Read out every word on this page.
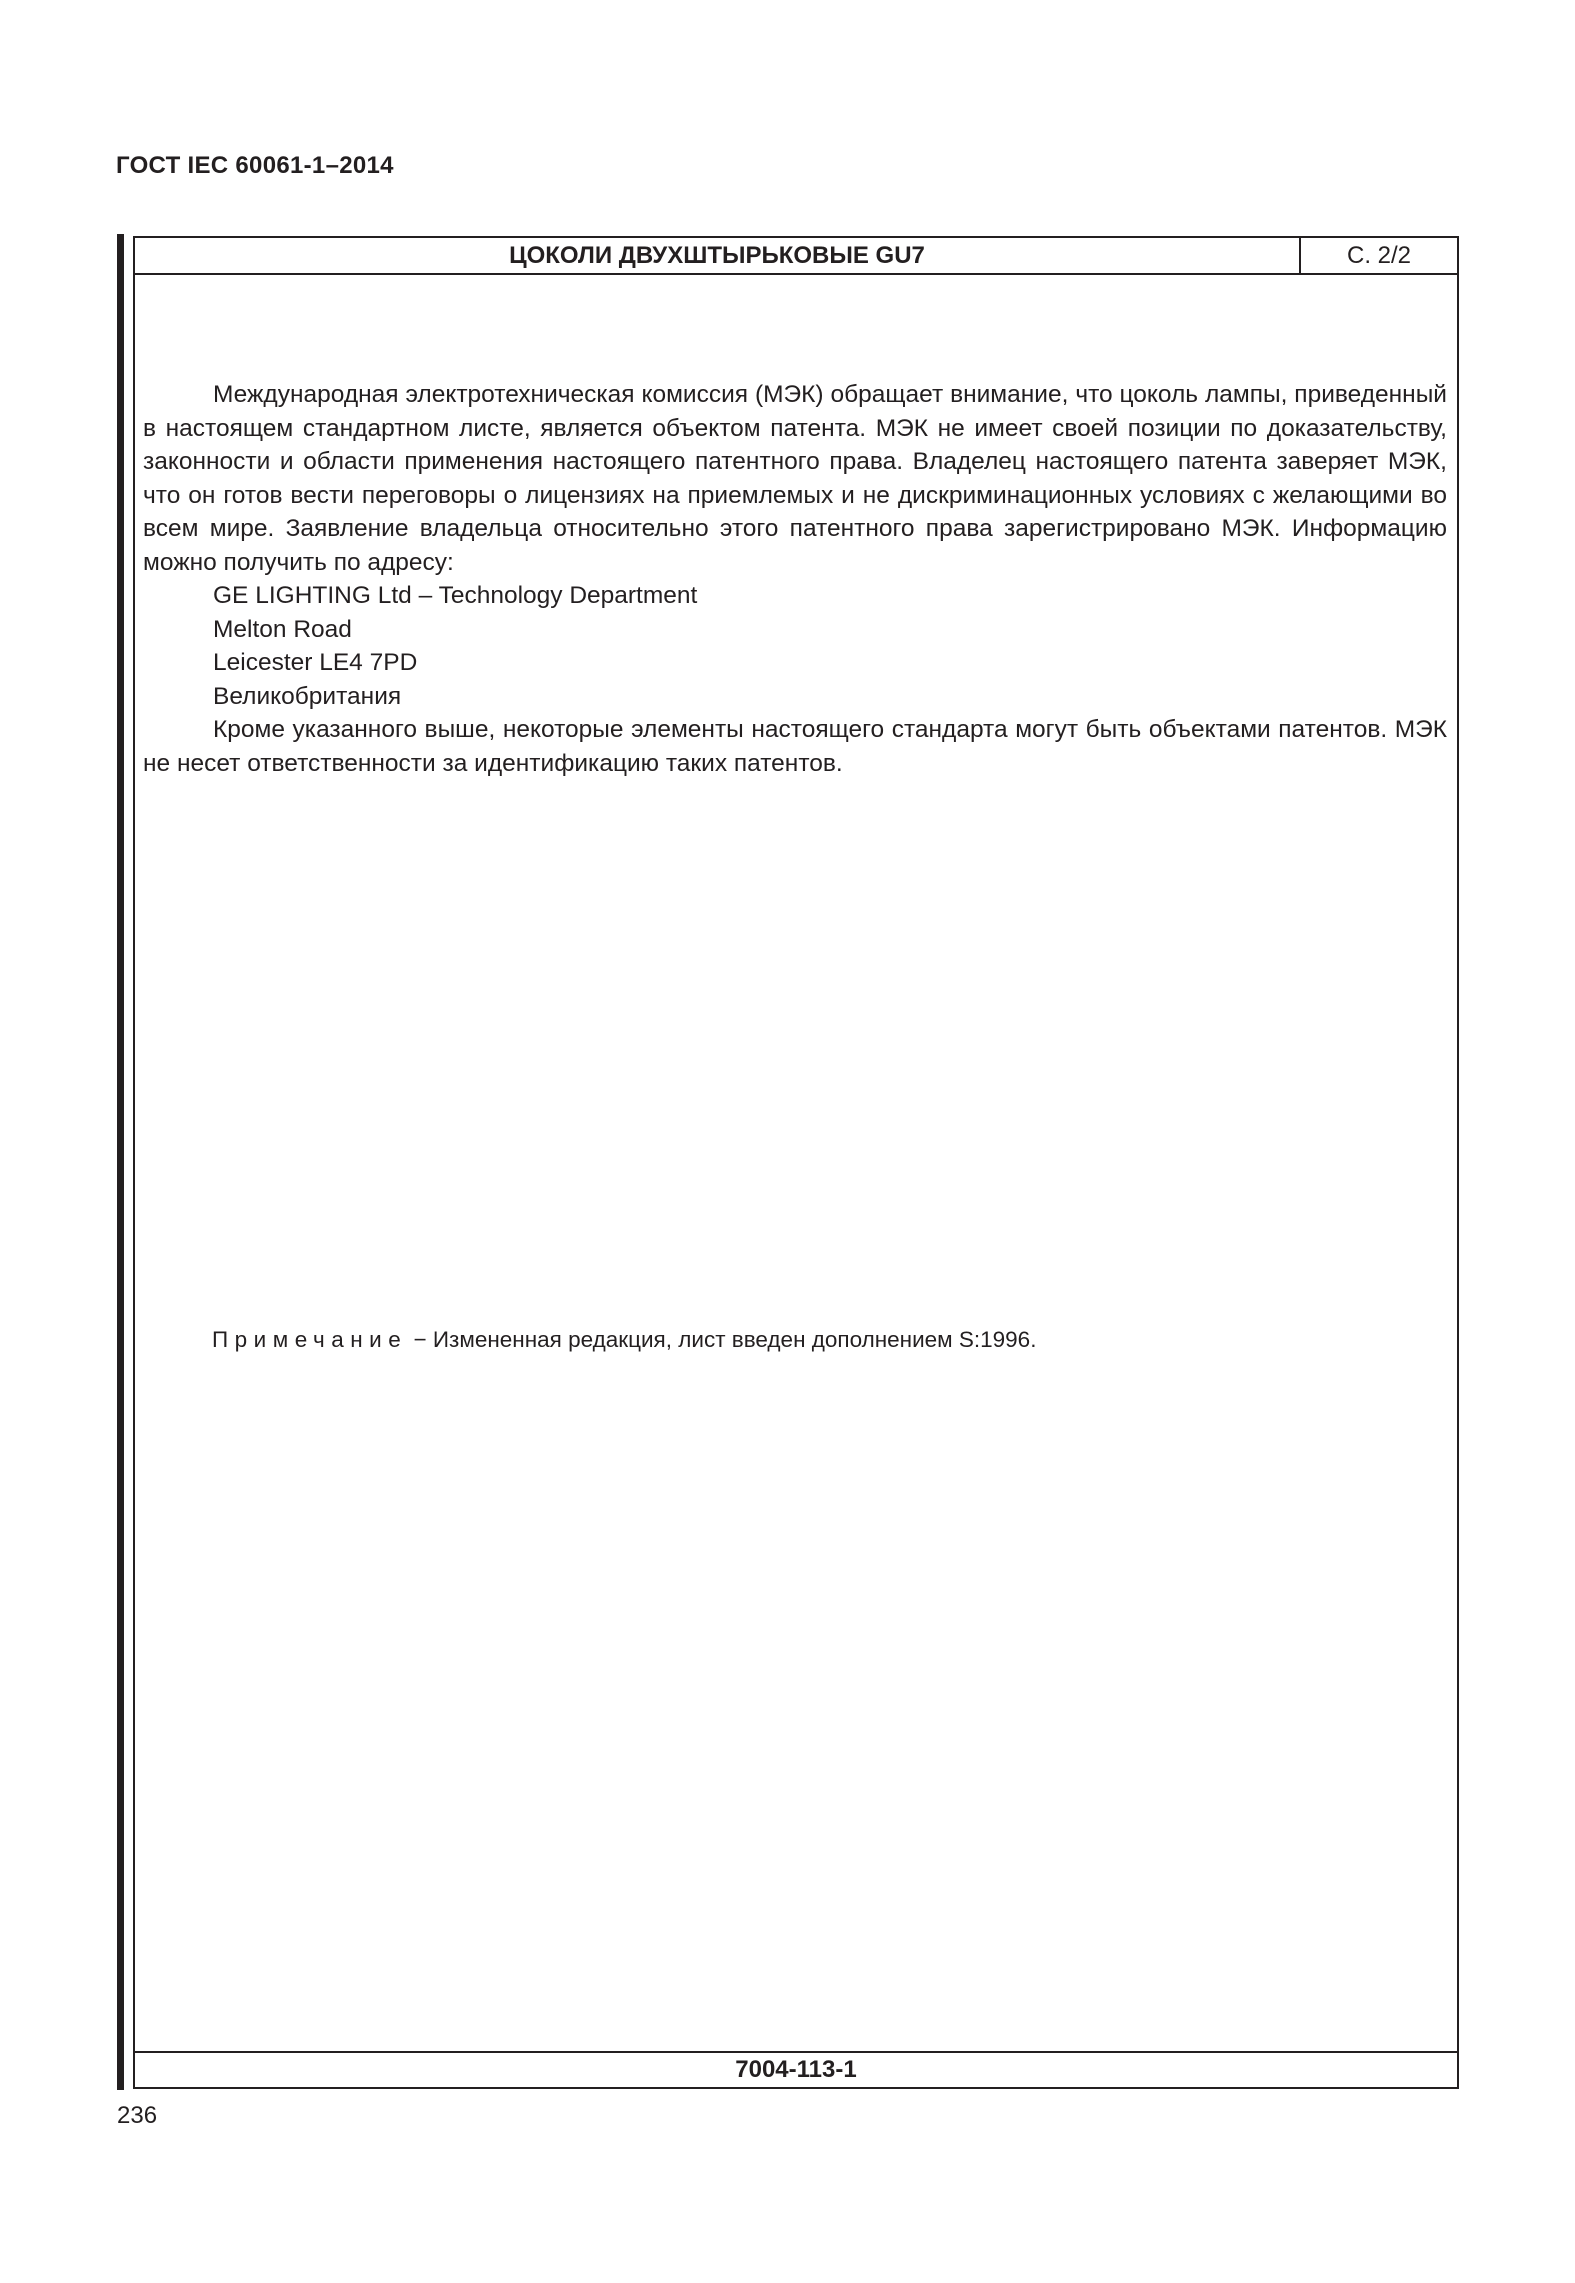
ГОСТ IEC 60061-1–2014
ЦОКОЛИ ДВУХШТЫРЬКОВЫЕ GU7	С. 2/2

Международная электротехническая комиссия (МЭК) обращает внимание, что цоколь лампы, приведенный в настоящем стандартном листе, является объектом патента. МЭК не имеет своей позиции по доказательству, законности и области применения настоящего патентного права. Владелец настоящего патента заверяет МЭК, что он готов вести переговоры о лицензиях на приемлемых и не дискриминационных условиях с желающими во всем мире. Заявление владельца относительно этого патентного права зарегистрировано МЭК. Информацию можно получить по адресу:

GE LIGHTING Ltd – Technology Department

Melton Road

Leicester LE4 7PD

Великобритания

Кроме указанного выше, некоторые элементы настоящего стандарта могут быть объектами патентов. МЭК не несет ответственности за идентификацию таких патентов.

Примечание − Измененная редакция, лист введен дополнением S:1996.
7004-113-1
236
